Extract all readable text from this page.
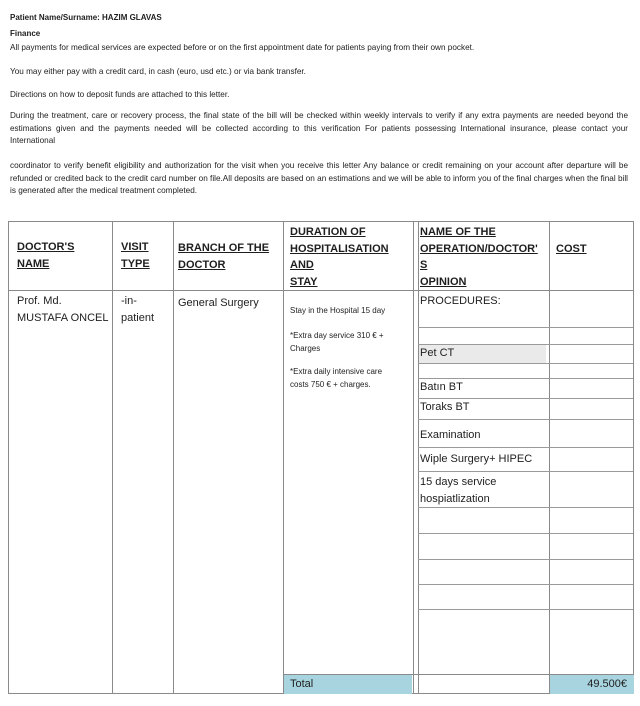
Patient Name/Surname: HAZIM GLAVAS
Finance
All payments for medical services are expected before or on the first appointment date for patients paying from their own pocket.
You may either pay with a credit card, in cash (euro, usd etc.) or via bank transfer.
Directions on how to deposit funds are attached to this letter.
During the treatment, care or recovery process, the final state of the bill will be checked within weekly intervals to verify if any extra payments are needed beyond the estimations given and the payments needed will be collected according to this verification For patients possessing International insurance, please contact your International
coordinator to verify benefit eligibility and authorization for the visit when you receive this letter Any balance or credit remaining on your account after departure will be refunded or credited back to the credit card number on file.All deposits are based on an estimations and we will be able to inform you of the final charges when the final bill is generated after the medical treatment completed.
DOCTOR'S
NAME
VISIT
TYPE
BRANCH OF THE
DOCTOR
DURATION OF
HOSPITALISATION
AND
STAY
NAME OF THE
OPERATION/DOCTOR'
S
OPINION
COST
Prof. Md.
MUSTAFA ONCEL
-in-
patient
General Surgery
Stay in the Hospital 15 day
*Extra day service 310 € +
Charges
*Extra daily intensive care
costs 750 € + charges.
PROCEDURES:
Pet CT
Batın BT
Toraks BT
Examination
Wiple Surgery+ HIPEC
15 days service
hospiatlization
Total	49.500€
